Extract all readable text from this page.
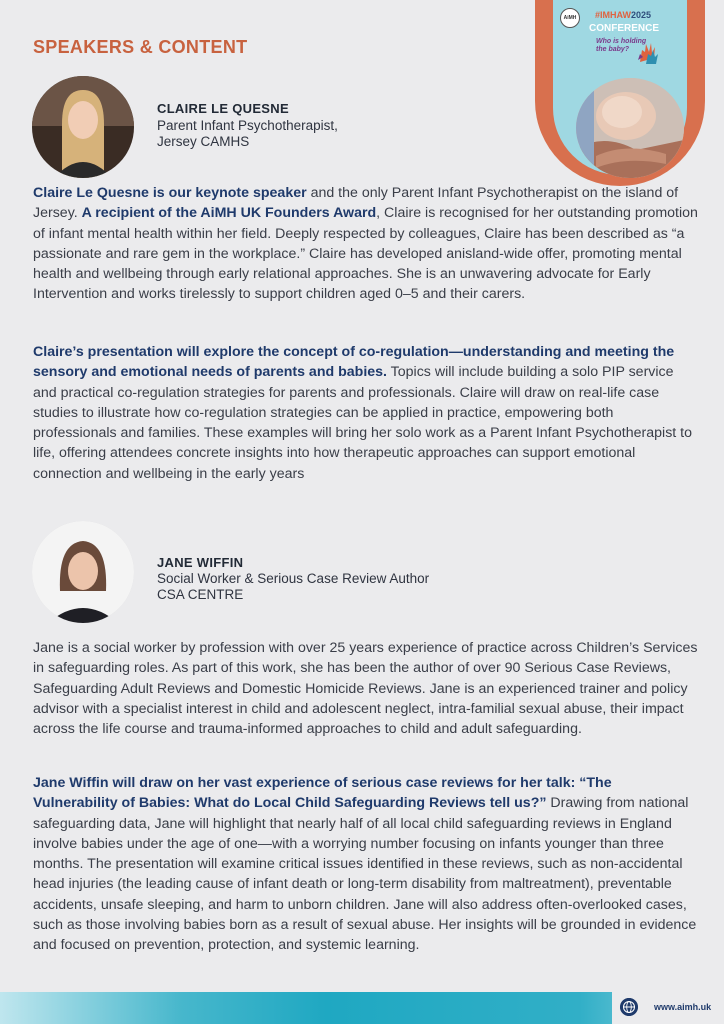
SPEAKERS & CONTENT
AiMH	#IMHAW2025
CONFERENCE
Who is holding the baby?
CLAIRE LE QUESNE
Parent Infant Psychotherapist,
Jersey CAMHS
Claire Le Quesne is our keynote speaker and the only Parent Infant Psychotherapist on the island of Jersey. A recipient of the AiMH UK Founders Award, Claire is recognised for her outstanding promotion of infant mental health within her field. Deeply respected by colleagues, Claire has been described as “a passionate and rare gem in the workplace.” Claire has developed anisland-wide offer, promoting mental health and wellbeing through early relational approaches. She is an unwavering advocate for Early Intervention and works tirelessly to support children aged 0–5 and their carers.
Claire’s presentation will explore the concept of co-regulation—understanding and meeting the sensory and emotional needs of parents and babies. Topics will include building a solo PIP service and practical co-regulation strategies for parents and professionals. Claire will draw on real-life case studies to illustrate how co-regulation strategies can be applied in practice, empowering both professionals and families. These examples will bring her solo work as a Parent Infant Psychotherapist to life, offering attendees concrete insights into how therapeutic approaches can support emotional connection and wellbeing in the early years
JANE WIFFIN
Social Worker & Serious Case Review Author
CSA CENTRE
Jane is a social worker by profession with over 25 years experience of practice across Children’s Services in safeguarding roles. As part of this work, she has been the author of over 90 Serious Case Reviews, Safeguarding Adult Reviews and Domestic Homicide Reviews. Jane is an experienced trainer and policy advisor with a specialist interest in child and adolescent neglect, intra-familial sexual abuse, their impact across the life course and trauma-informed approaches to child and adult safeguarding.
Jane Wiffin will draw on her vast experience of serious case reviews for her talk: “The Vulnerability of Babies: What do Local Child Safeguarding Reviews tell us?” Drawing from national safeguarding data, Jane will highlight that nearly half of all local child safeguarding reviews in England involve babies under the age of one—with a worrying number focusing on infants younger than three months. The presentation will examine critical issues identified in these reviews, such as non-accidental head injuries (the leading cause of infant death or long-term disability from maltreatment), preventable accidents, unsafe sleeping, and harm to unborn children. Jane will also address often-overlooked cases, such as those involving babies born as a result of sexual abuse. Her insights will be grounded in evidence and focused on prevention, protection, and systemic learning.
www.aimh.uk
